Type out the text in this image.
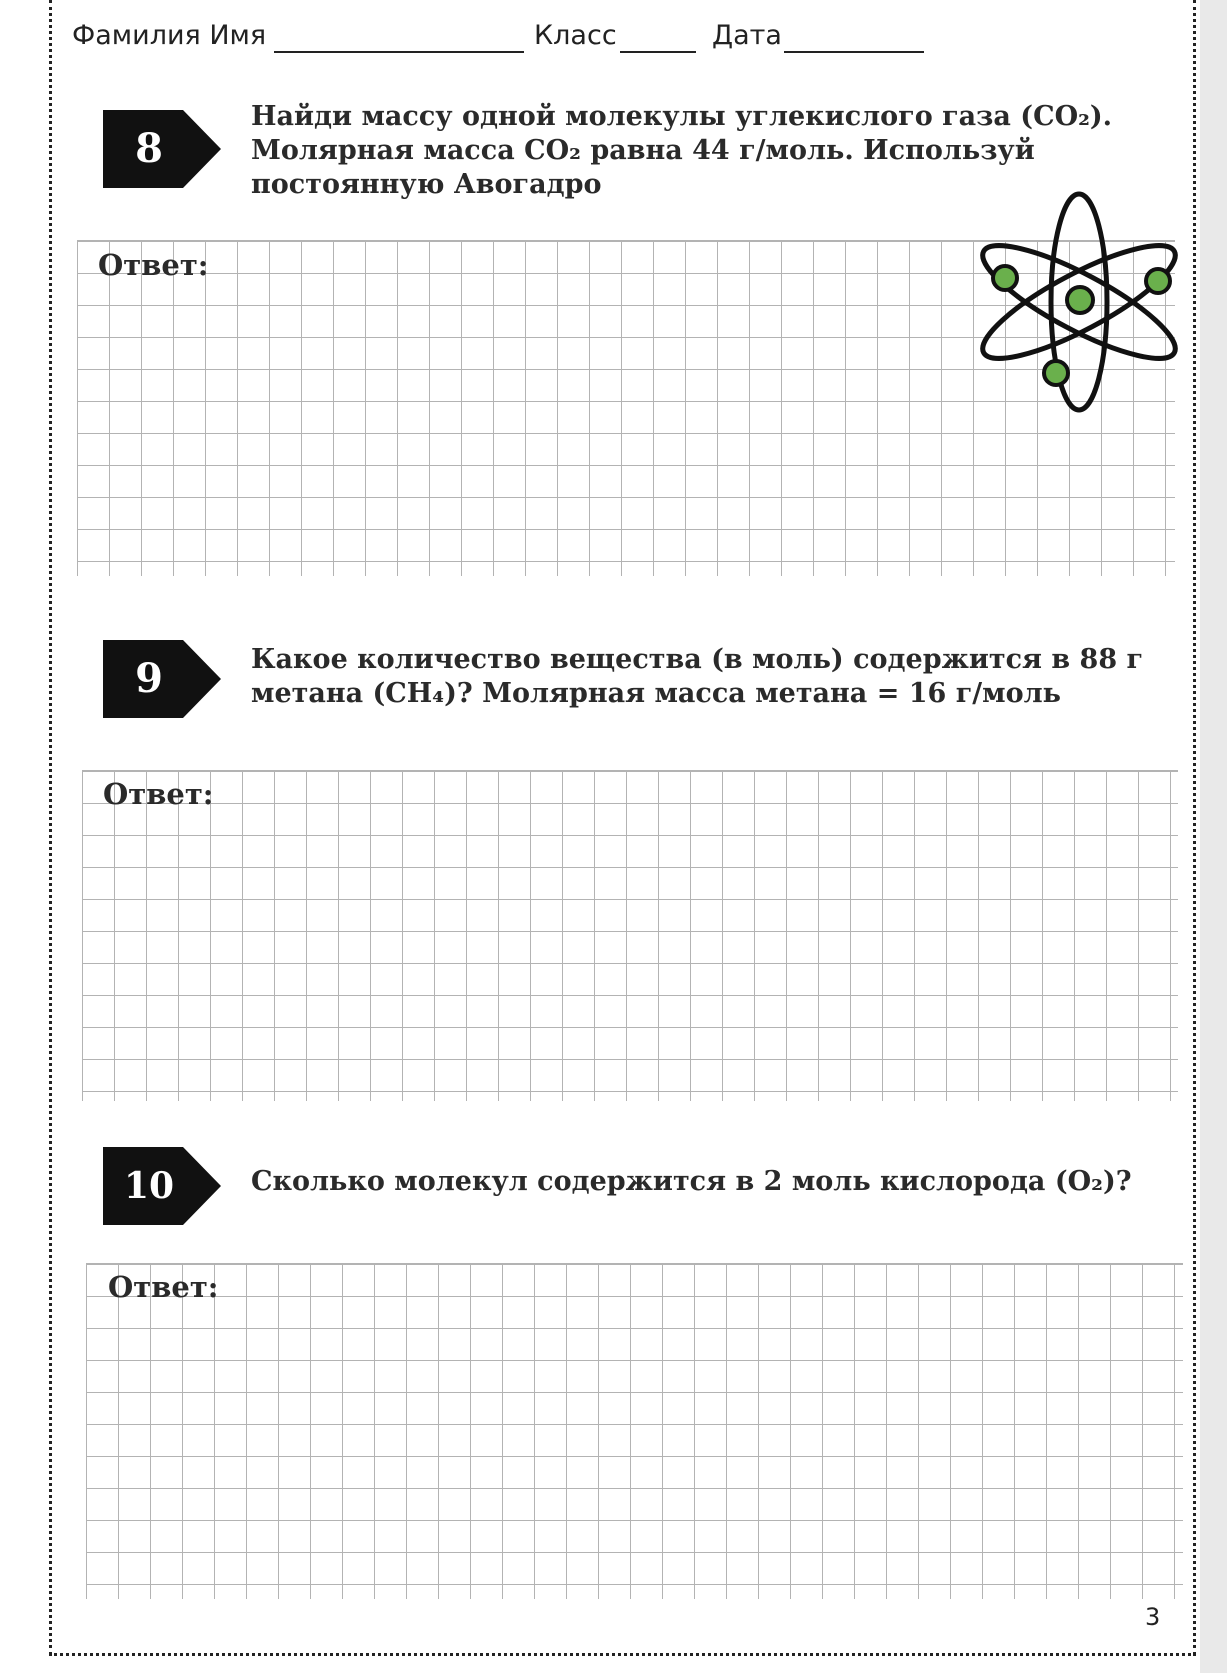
Фамилия Имя	Класс	Дата
8
Найди массу одной молекулы углекислого газа (CO₂).
Молярная масса CO₂ равна 44 г/моль. Используй
постоянную Авогадро
Ответ:
9	Какое количество вещества (в моль) содержится в 88 г
метана (CH₄)? Молярная масса метана = 16 г/моль
Ответ:
10	Сколько молекул содержится в 2 моль кислорода (O₂)?
Ответ:
3
